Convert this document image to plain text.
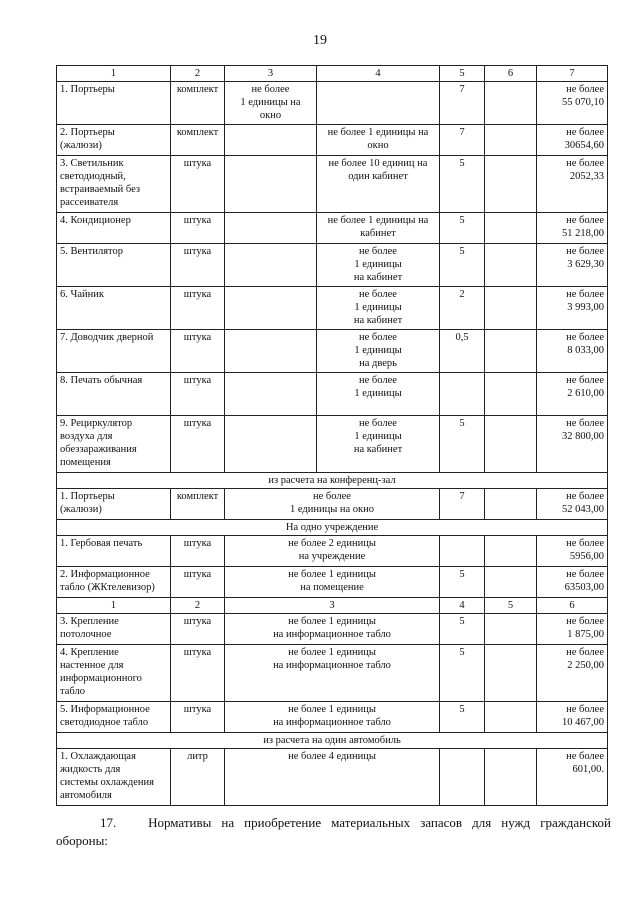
19
1	2	3	4	5	6	7
1. Портьеры	комплект	не более
1 единицы на
окно		7		не более
55 070,10
2. Портьеры
(жалюзи)	комплект		не более 1 единицы на
окно	7		не более
30654,60
3. Светильник
светодиодный,
встраиваемый без
рассеивателя	штука		не более 10 единиц на
один кабинет	5		не более
2052,33
4. Кондиционер	штука		не более 1 единицы на
кабинет	5		не более
51 218,00
5. Вентилятор	штука		не более
1 единицы
на кабинет	5		не более
3 629,30
6. Чайник	штука		не более
1 единицы
на кабинет	2		не более
3 993,00
7. Доводчик дверной	штука		не более
1 единицы
на дверь	0,5		не более
8 033,00
8. Печать обычная	штука		не более
1 единицы			не более
2 610,00
9. Рециркулятор
воздуха для
обеззараживания
помещения	штука		не более
1 единицы
на кабинет	5		не более
32 800,00
из расчета на конференц-зал						
1. Портьеры
(жалюзи)	комплект	не более
1 единицы на окно		7		не более
52 043,00
На одно учреждение						
1. Гербовая печать	штука	не более 2 единицы
на учреждение				не более
5956,00
2. Информационное
табло (ЖКтелевизор)	штука	не более 1 единицы
на помещение		5		не более
63503,00
1	2	3		4	5	6
3. Крепление
потолочное	штука	не более 1 единицы
на информационное табло		5		не более
1 875,00
4. Крепление
настенное для
информационного
табло	штука	не более 1 единицы
на информационное табло		5		не более
2 250,00
5. Информационное
светодиодное табло	штука	не более 1 единицы
на информационное табло		5		не более
10 467,00
из расчета на один автомобиль						
1. Охлаждающая
жидкость для
системы охлаждения
автомобиля	литр	не более 4 единицы				не более
601,00.
17. Нормативы на приобретение материальных запасов для нужд гражданской обороны:
